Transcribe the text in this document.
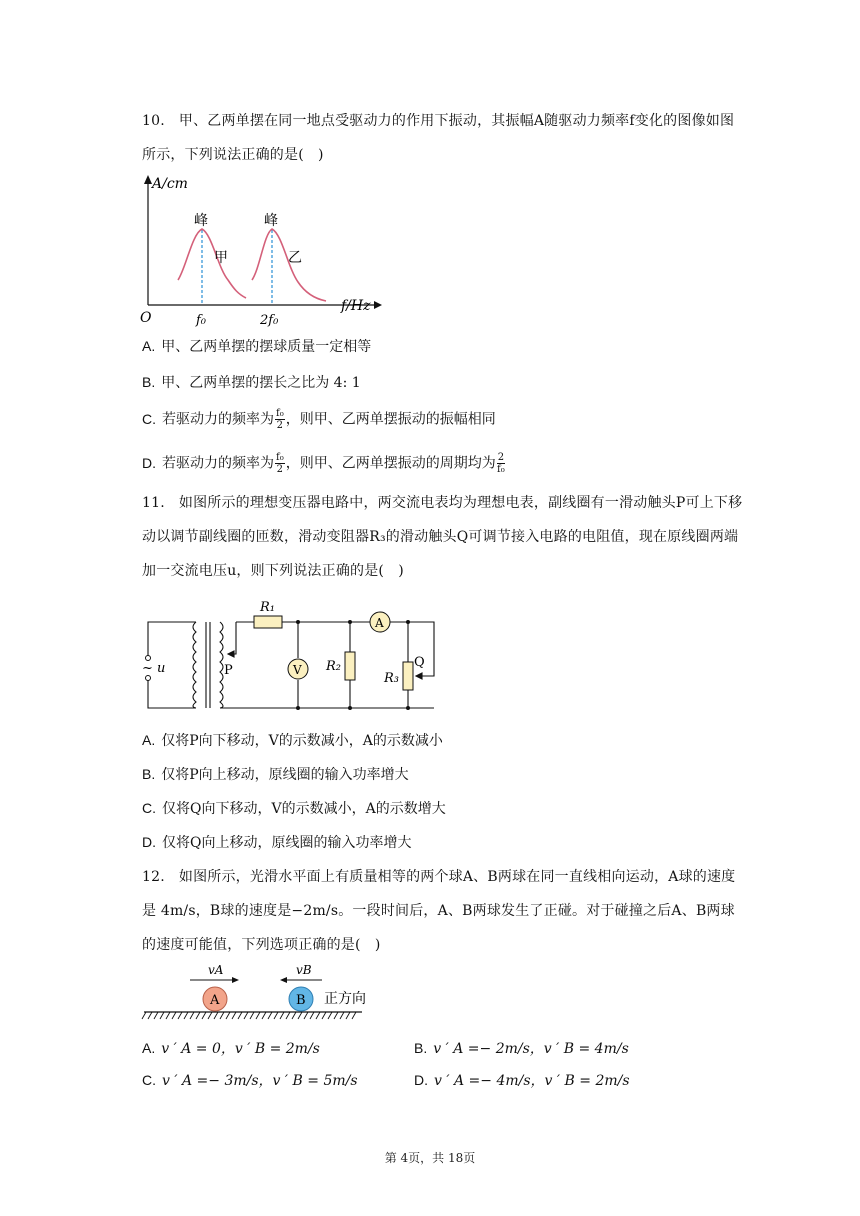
10. 甲、乙两单摆在同一地点受驱动力的作用下振动，其振幅A随驱动力频率f变化的图像如图所示，下列说法正确的是(　)
A/cm
f/Hz
O	f₀	2f₀
峰	峰
甲	乙
A. 甲、乙两单摆的摆球质量一定相等
B. 甲、乙两单摆的摆长之比为 4: 1
C. 若驱动力的频率为 $\frac{\text{f₀}}{2}$ ，则甲、乙两单摆振动的振幅相同
D. 若驱动力的频率为 $\frac{\text{f₀}}{2}$ ，则甲、乙两单摆振动的周期均为 $\frac{2}{\text{f₀}}$
11. 如图所示的理想变压器电路中，两交流电表均为理想电表，副线圈有一滑动触头P可上下移动以调节副线圈的匝数，滑动变阻器R₃的滑动触头Q可调节接入电路的电阻值，现在原线圈两端加一交流电压u，则下列说法正确的是(　)
~ u
R₁
R₂
R₃
P
Q
V
A
A. 仅将P向下移动，V的示数减小，A的示数减小
B. 仅将P向上移动，原线圈的输入功率增大
C. 仅将Q向下移动，V的示数减小，A的示数增大
D. 仅将Q向上移动，原线圈的输入功率增大
12. 如图所示，光滑水平面上有质量相等的两个球A、B两球在同一直线相向运动，A球的速度是 4m/s，B球的速度是−2m/s。一段时间后，A、B两球发生了正碰。对于碰撞之后A、B两球的速度可能值，下列选项正确的是(　)
A	B
vA	vB
正方向
A. v ′ A = 0，v ′ B = 2m/s	B. v ′ A =− 2m/s，v ′ B = 4m/s
C. v ′ A =− 3m/s，v ′ B = 5m/s	D. v ′ A =− 4m/s，v ′ B = 2m/s
第 4页，共 18页
